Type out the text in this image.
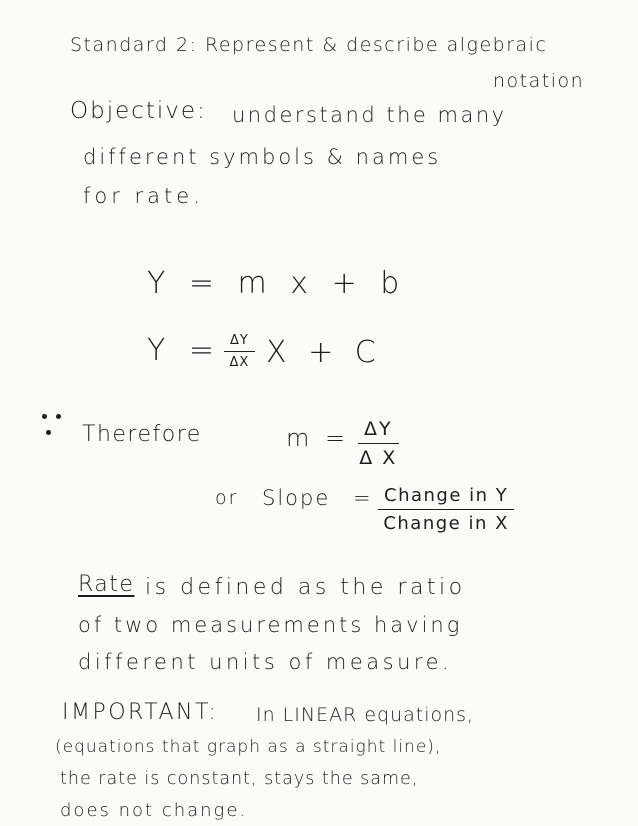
Standard 2: Represent & describe algebraic
notation
Objective: understand the many
different symbols & names
for rate.
Y = m x + b
$Y = \frac{\Delta Y}{\Delta X}$ X + C
Therefore	$m = \frac{\Delta Y}{\text{Δ X}}$
or Slope = Change in Y
Change in X
Rate is defined as the ratio
of two measurements having
different units of measure.
IMPORTANT: In LINEAR equations,
(equations that graph as a straight line),
the rate is constant, stays the same,
does not change.
